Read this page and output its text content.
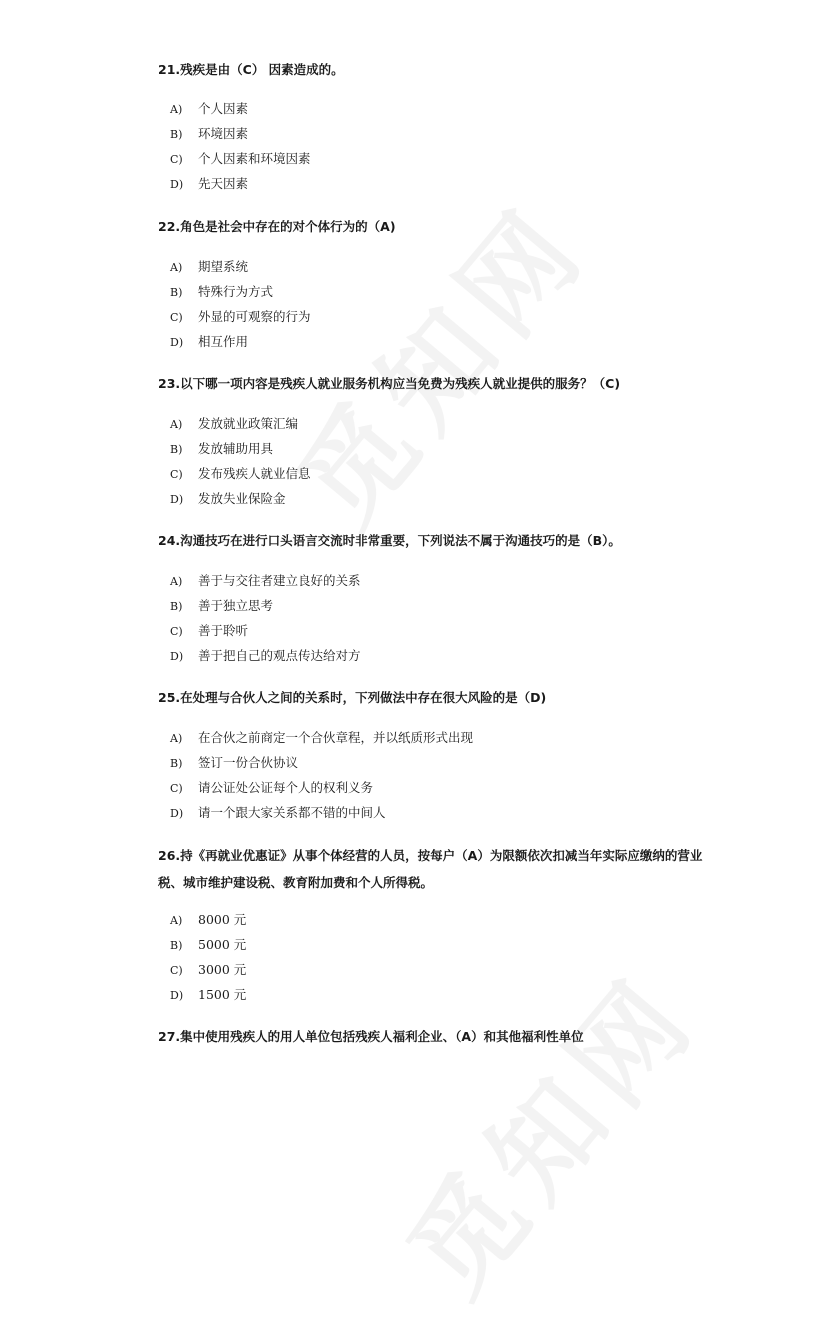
21.残疾是由（C） 因素造成的。
A) 个人因素
B) 环境因素
C) 个人因素和环境因素
D) 先天因素
22.角色是社会中存在的对个体行为的（A)
A) 期望系统
B) 特殊行为方式
C) 外显的可观察的行为
D) 相互作用
23.以下哪一项内容是残疾人就业服务机构应当免费为残疾人就业提供的服务？（C)
A) 发放就业政策汇编
B) 发放辅助用具
C) 发布残疾人就业信息
D) 发放失业保险金
24.沟通技巧在进行口头语言交流时非常重要，下列说法不属于沟通技巧的是（B）。
A) 善于与交往者建立良好的关系
B) 善于独立思考
C) 善于聆听
D) 善于把自己的观点传达给对方
25.在处理与合伙人之间的关系时，下列做法中存在很大风险的是（D)
A) 在合伙之前商定一个合伙章程，并以纸质形式出现
B) 签订一份合伙协议
C) 请公证处公证每个人的权利义务
D) 请一个跟大家关系都不错的中间人
26.持《再就业优惠证》从事个体经营的人员，按每户（A）为限额依次扣减当年实际应缴纳的营业税、城市维护建设税、教育附加费和个人所得税。
A) 8000 元
B) 5000 元
C) 3000 元
D) 1500 元
27.集中使用残疾人的用人单位包括残疾人福利企业、（A）和其他福利性单位
